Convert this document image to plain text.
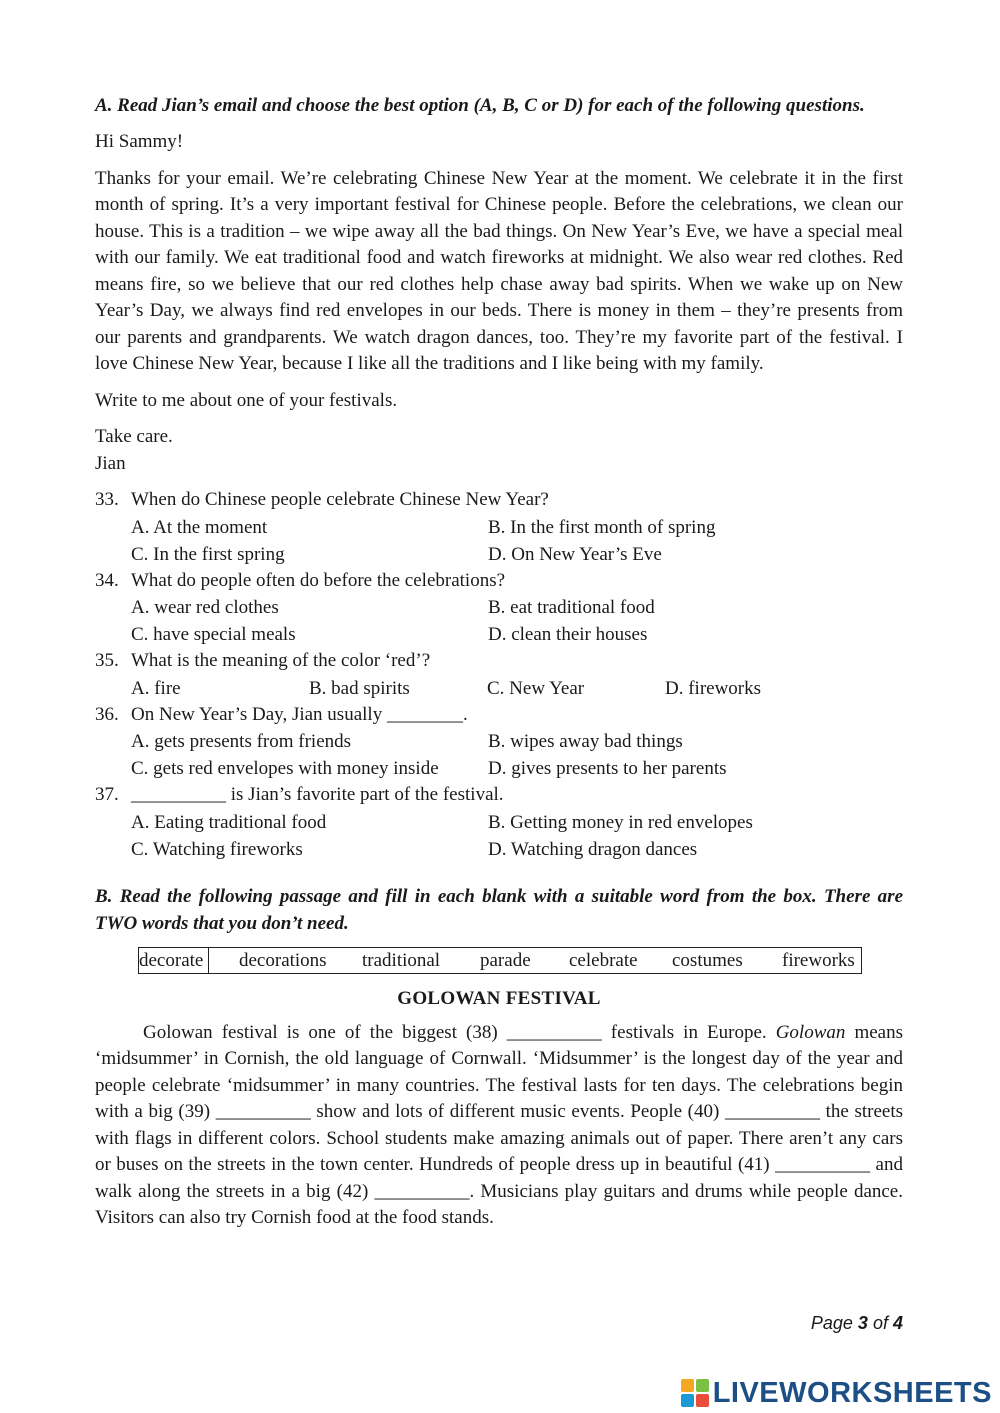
A. Read Jian’s email and choose the best option (A, B, C or D) for each of the following questions.

Hi Sammy!

Thanks for your email. We’re celebrating Chinese New Year at the moment. We celebrate it in the first month of spring. It’s a very important festival for Chinese people. Before the celebrations, we clean our house. This is a tradition – we wipe away all the bad things. On New Year’s Eve, we have a special meal with our family. We eat traditional food and watch fireworks at midnight. We also wear red clothes. Red means fire, so we believe that our red clothes help chase away bad spirits. When we wake up on New Year’s Day, we always find red envelopes in our beds. There is money in them – they’re presents from our parents and grandparents. We watch dragon dances, too. They’re my favorite part of the festival. I love Chinese New Year, because I like all the traditions and I like being with my family.

Write to me about one of your festivals.

Take care.

Jian

33. When do Chinese people celebrate Chinese New Year?
A. At the moment	B. In the first month of spring
C. In the first spring	D. On New Year’s Eve
34. What do people often do before the celebrations?
A. wear red clothes	B. eat traditional food
C. have special meals	D. clean their houses
35. What is the meaning of the color ‘red’?
A. fire	B. bad spirits	C. New Year	D. fireworks
36. On New Year’s Day, Jian usually ________.
A. gets presents from friends	B. wipes away bad things
C. gets red envelopes with money inside	D. gives presents to her parents
37. __________ is Jian’s favorite part of the festival.
A. Eating traditional food	B. Getting money in red envelopes
C. Watching fireworks	D. Watching dragon dances

B. Read the following passage and fill in each blank with a suitable word from the box. There are TWO words that you don’t need.

decorate decorations traditional parade celebrate costumes fireworks

GOLOWAN FESTIVAL

Golowan festival is one of the biggest (38) __________ festivals in Europe. Golowan means ‘midsummer’ in Cornish, the old language of Cornwall. ‘Midsummer’ is the longest day of the year and people celebrate ‘midsummer’ in many countries. The festival lasts for ten days. The celebrations begin with a big (39) __________ show and lots of different music events. People (40) __________ the streets with flags in different colors. School students make amazing animals out of paper. There aren’t any cars or buses on the streets in the town center. Hundreds of people dress up in beautiful (41) __________ and walk along the streets in a big (42) __________. Musicians play guitars and drums while people dance. Visitors can also try Cornish food at the food stands.

Page 3 of 4
LIVEWORKSHEETS
